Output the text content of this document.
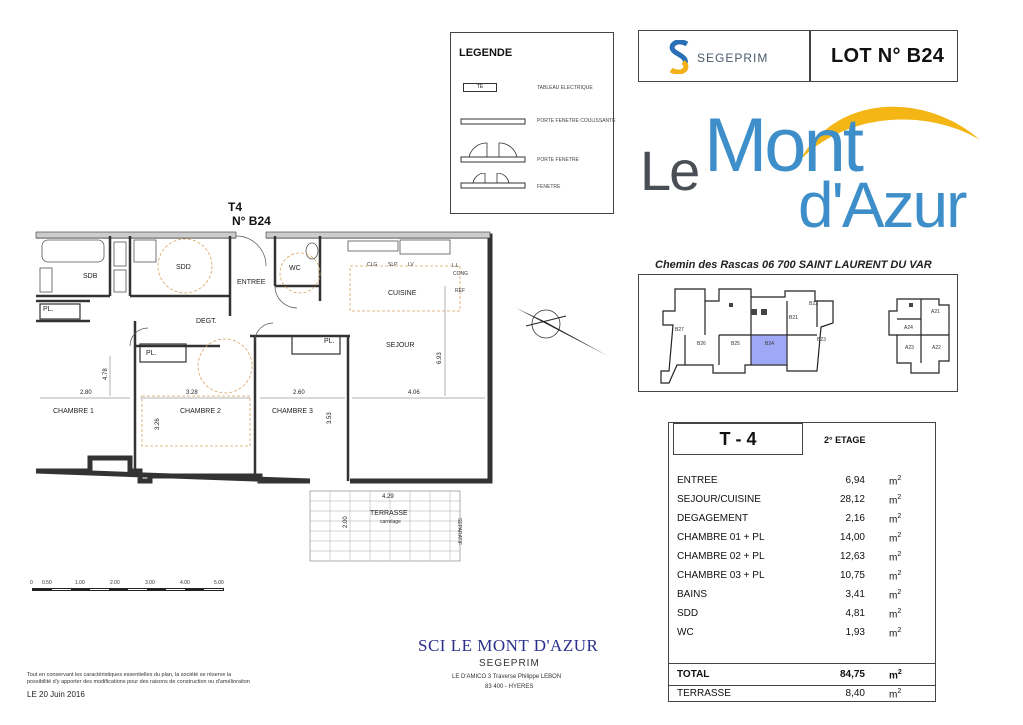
LEGENDE
TE	TABLEAU ELECTRIQUE
PORTE FENETRE COULISSANTE
PORTE FENETRE
FENETRE
SEGEPRIM	LOT N° B24
Le Mont
d'Azur
Chemin des Rascas 06 700 SAINT LAURENT DU VAR
B22
B21
B27
B26	B25	B24
B23
A21
A24
A23	A22
T - 4	2° ETAGE
ENTREE	6,94 $m^2$
SEJOUR/CUISINE	28,12 $m^2$
DEGAGEMENT	2,16 $m^2$
CHAMBRE 01 + PL	14,00 $m^2$
CHAMBRE 02 + PL	12,63 $m^2$
CHAMBRE 03 + PL	10,75 $m^2$
BAINS	3,41 $m^2$
SDD	4,81 $m^2$
WC	1,93 $m^2$
TOTAL	84,75 $m^2$
TERRASSE	8,40 $m^2$
T4
N° B24
SDB
SDD
ENTREE
WC
CUISINE
SEJOUR
DEGT.
PL.
PL.
PL.
CHAMBRE 1	CHAMBRE 2	CHAMBRE 3
TERRASSE
carrelage	SEPARATIF
CLG SLP LV	L.L
CONG
REF
2.80
4.78
3.28	2.60	4.06
6.93
3.26
3.53
4.29
2.00
0 0.50	1.00	2.00	3.00	4.00	5.00
SCI LE MONT D'AZUR
SEGEPRIM
LE D'AMICO 3 Traverse Philippe LEBON
83 400 - HYERES
Tout en conservant les caractéristiques essentielles du plan, la société se réserve la possibilité d'y apporter des modifications pour des raisons de construction ou d'amélioraiton
LE 20 Juin 2016
